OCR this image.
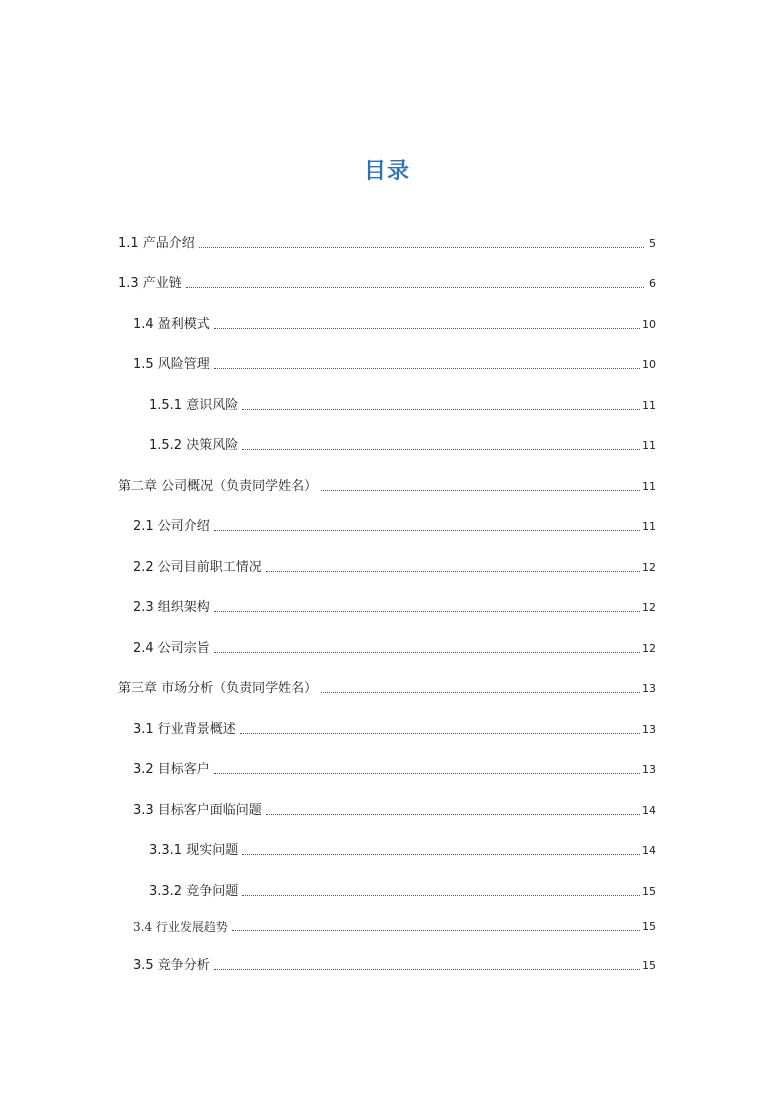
目录
1.1 产品介绍	5
1.3 产业链	6
1.4 盈利模式	10
1.5 风险管理	10
1.5.1 意识风险	11
1.5.2 决策风险	11
第二章 公司概况（负责同学姓名）	11
2.1 公司介绍	11
2.2 公司目前职工情况	12
2.3 组织架构	12
2.4 公司宗旨	12
第三章 市场分析（负责同学姓名）	13
3.1 行业背景概述	13
3.2 目标客户	13
3.3 目标客户面临问题	14
3.3.1 现实问题	14
3.3.2 竞争问题	15
3.4 行业发展趋势	15
3.5 竞争分析	15
